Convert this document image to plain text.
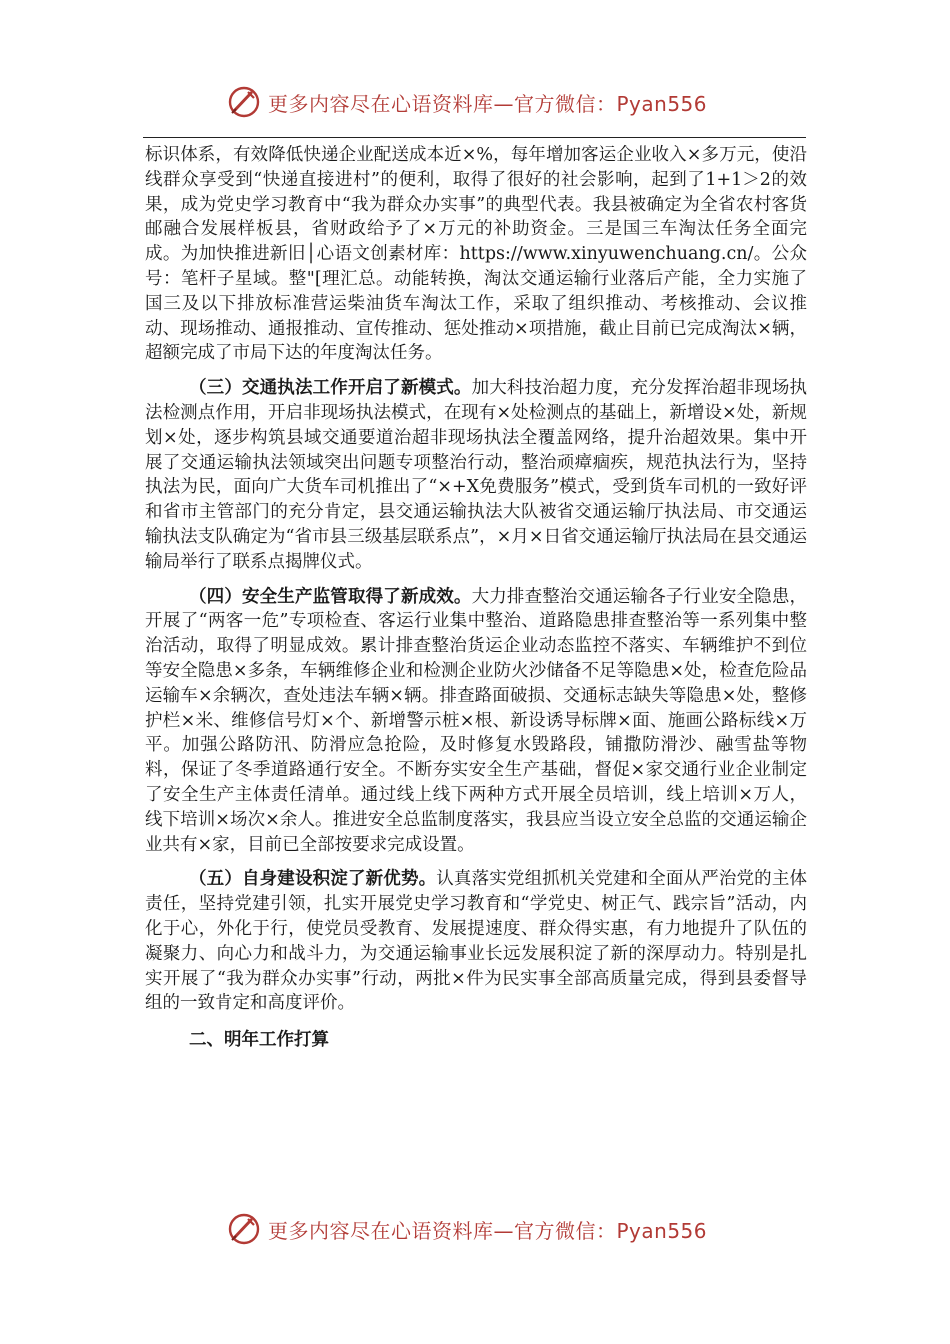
更多内容尽在心语资料库—官方微信：Pyan556

标识体系，有效降低快递企业配送成本近×%，每年增加客运企业收入×多万元，使沿线群众享受到“快递直接进村”的便利，取得了很好的社会影响，起到了1+1＞2的效果，成为党史学习教育中“我为群众办实事”的典型代表。我县被确定为全省农村客货邮融合发展样板县，省财政给予了×万元的补助资金。三是国三车淘汰任务全面完成。为加快推进新旧│心语文创素材库：https://www.xinyuwenchuang.cn/。公众号：笔杆子星域。整"[理汇总。动能转换，淘汰交通运输行业落后产能，全力实施了国三及以下排放标准营运柴油货车淘汰工作，采取了组织推动、考核推动、会议推动、现场推动、通报推动、宣传推动、惩处推动×项措施，截止目前已完成淘汰×辆，超额完成了市局下达的年度淘汰任务。

（三）交通执法工作开启了新模式。加大科技治超力度，充分发挥治超非现场执法检测点作用，开启非现场执法模式，在现有×处检测点的基础上，新增设×处，新规划×处，逐步构筑县域交通要道治超非现场执法全覆盖网络，提升治超效果。集中开展了交通运输执法领域突出问题专项整治行动，整治顽瘴痼疾，规范执法行为，坚持执法为民，面向广大货车司机推出了“×+X免费服务”模式，受到货车司机的一致好评和省市主管部门的充分肯定，县交通运输执法大队被省交通运输厅执法局、市交通运输执法支队确定为“省市县三级基层联系点”，×月×日省交通运输厅执法局在县交通运输局举行了联系点揭牌仪式。

（四）安全生产监管取得了新成效。大力排查整治交通运输各子行业安全隐患，开展了“两客一危”专项检查、客运行业集中整治、道路隐患排查整治等一系列集中整治活动，取得了明显成效。累计排查整治货运企业动态监控不落实、车辆维护不到位等安全隐患×多条，车辆维修企业和检测企业防火沙储备不足等隐患×处，检查危险品运输车×余辆次，查处违法车辆×辆。排查路面破损、交通标志缺失等隐患×处，整修护栏×米、维修信号灯×个、新增警示桩×根、新设诱导标牌×面、施画公路标线×万平。加强公路防汛、防滑应急抢险，及时修复水毁路段，铺撒防滑沙、融雪盐等物料，保证了冬季道路通行安全。不断夯实安全生产基础，督促×家交通行业企业制定了安全生产主体责任清单。通过线上线下两种方式开展全员培训，线上培训×万人，线下培训×场次×余人。推进安全总监制度落实，我县应当设立安全总监的交通运输企业共有×家，目前已全部按要求完成设置。

（五）自身建设积淀了新优势。认真落实党组抓机关党建和全面从严治党的主体责任，坚持党建引领，扎实开展党史学习教育和“学党史、树正气、践宗旨”活动，内化于心，外化于行，使党员受教育、发展提速度、群众得实惠，有力地提升了队伍的凝聚力、向心力和战斗力，为交通运输事业长远发展积淀了新的深厚动力。特别是扎实开展了“我为群众办实事”行动，两批×件为民实事全部高质量完成，得到县委督导组的一致肯定和高度评价。

二、明年工作打算

更多内容尽在心语资料库—官方微信：Pyan556
